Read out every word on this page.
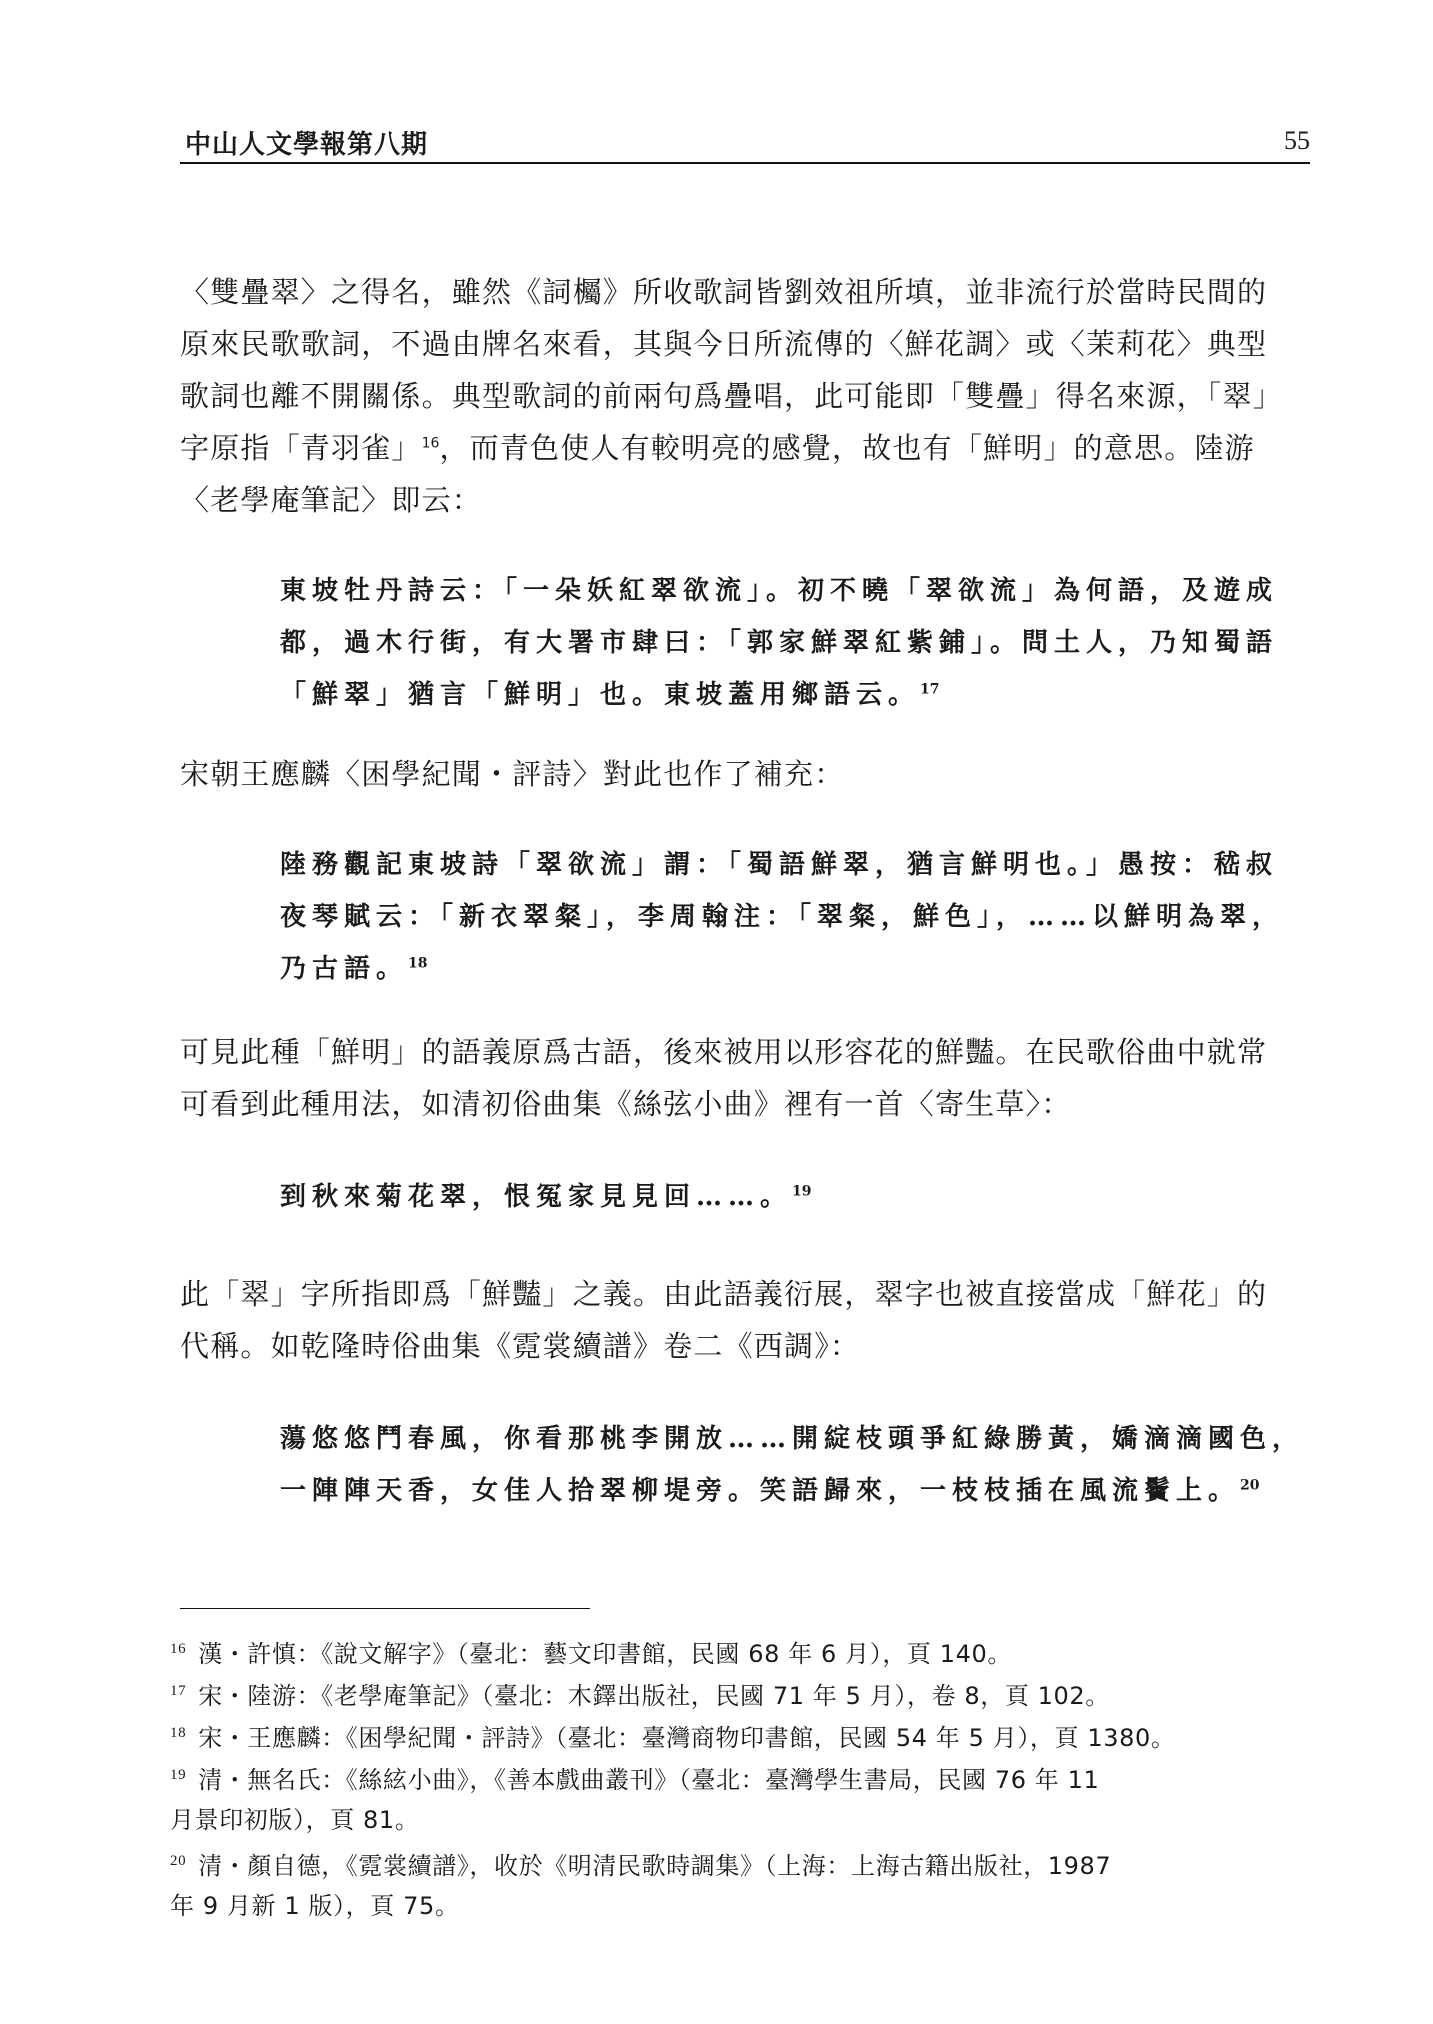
中山人文學報第八期	55
〈雙疊翠〉之得名，雖然《詞欘》所收歌詞皆劉效祖所填，並非流行於當時民間的
原來民歌歌詞，不過由牌名來看，其與今日所流傳的〈鮮花調〉或〈茉莉花〉典型
歌詞也離不開關係。典型歌詞的前兩句爲疊唱，此可能即「雙疊」得名來源，「翠」
字原指「青羽雀」$^{16}$，而青色使人有較明亮的感覺，故也有「鮮明」的意思。陸游
〈老學庵筆記〉即云：
東坡牡丹詩云：「一朵妖紅翠欲流」。初不曉「翠欲流」為何語，及遊成
都，過木行街，有大署市肆曰：「郭家鮮翠紅紫鋪」。問土人，乃知蜀語
「鮮翠」猶言「鮮明」也。東坡蓋用鄉語云。$^{17}$
宋朝王應麟〈困學紀聞・評詩〉對此也作了補充：
陸務觀記東坡詩「翠欲流」謂：「蜀語鮮翠，猶言鮮明也。」愚按：嵇叔
夜琴賦云：「新衣翠粲」，李周翰注：「翠粲，鮮色」，……以鮮明為翠，
乃古語。$^{18}$
可見此種「鮮明」的語義原爲古語，後來被用以形容花的鮮豔。在民歌俗曲中就常
可看到此種用法，如清初俗曲集《絲弦小曲》裡有一首〈寄生草〉：
到秋來菊花翠，恨冤家見見回……。$^{19}$
此「翠」字所指即爲「鮮豔」之義。由此語義衍展，翠字也被直接當成「鮮花」的
代稱。如乾隆時俗曲集《霓裳續譜》卷二《西調》：
蕩悠悠鬥春風，你看那桃李開放……開綻枝頭爭紅綠勝黃，嬌滴滴國色，
一陣陣天香，女佳人拾翠柳堤旁。笑語歸來，一枝枝插在風流鬢上。$^{20}$
$^{16}$ 漢・許慎：《說文解字》（臺北：藝文印書館，民國 68 年 6 月），頁 140。
$^{17}$ 宋・陸游：《老學庵筆記》（臺北：木鐸出版社，民國 71 年 5 月），卷 8，頁 102。
$^{18}$ 宋・王應麟：《困學紀聞・評詩》（臺北：臺灣商物印書館，民國 54 年 5 月），頁 1380。
$^{19}$ 清・無名氏：《絲絃小曲》，《善本戲曲叢刊》（臺北：臺灣學生書局，民國 76 年 11
月景印初版），頁 81。
$^{20}$ 清・顏自德，《霓裳續譜》，收於《明清民歌時調集》（上海：上海古籍出版社，1987
年 9 月新 1 版），頁 75。
